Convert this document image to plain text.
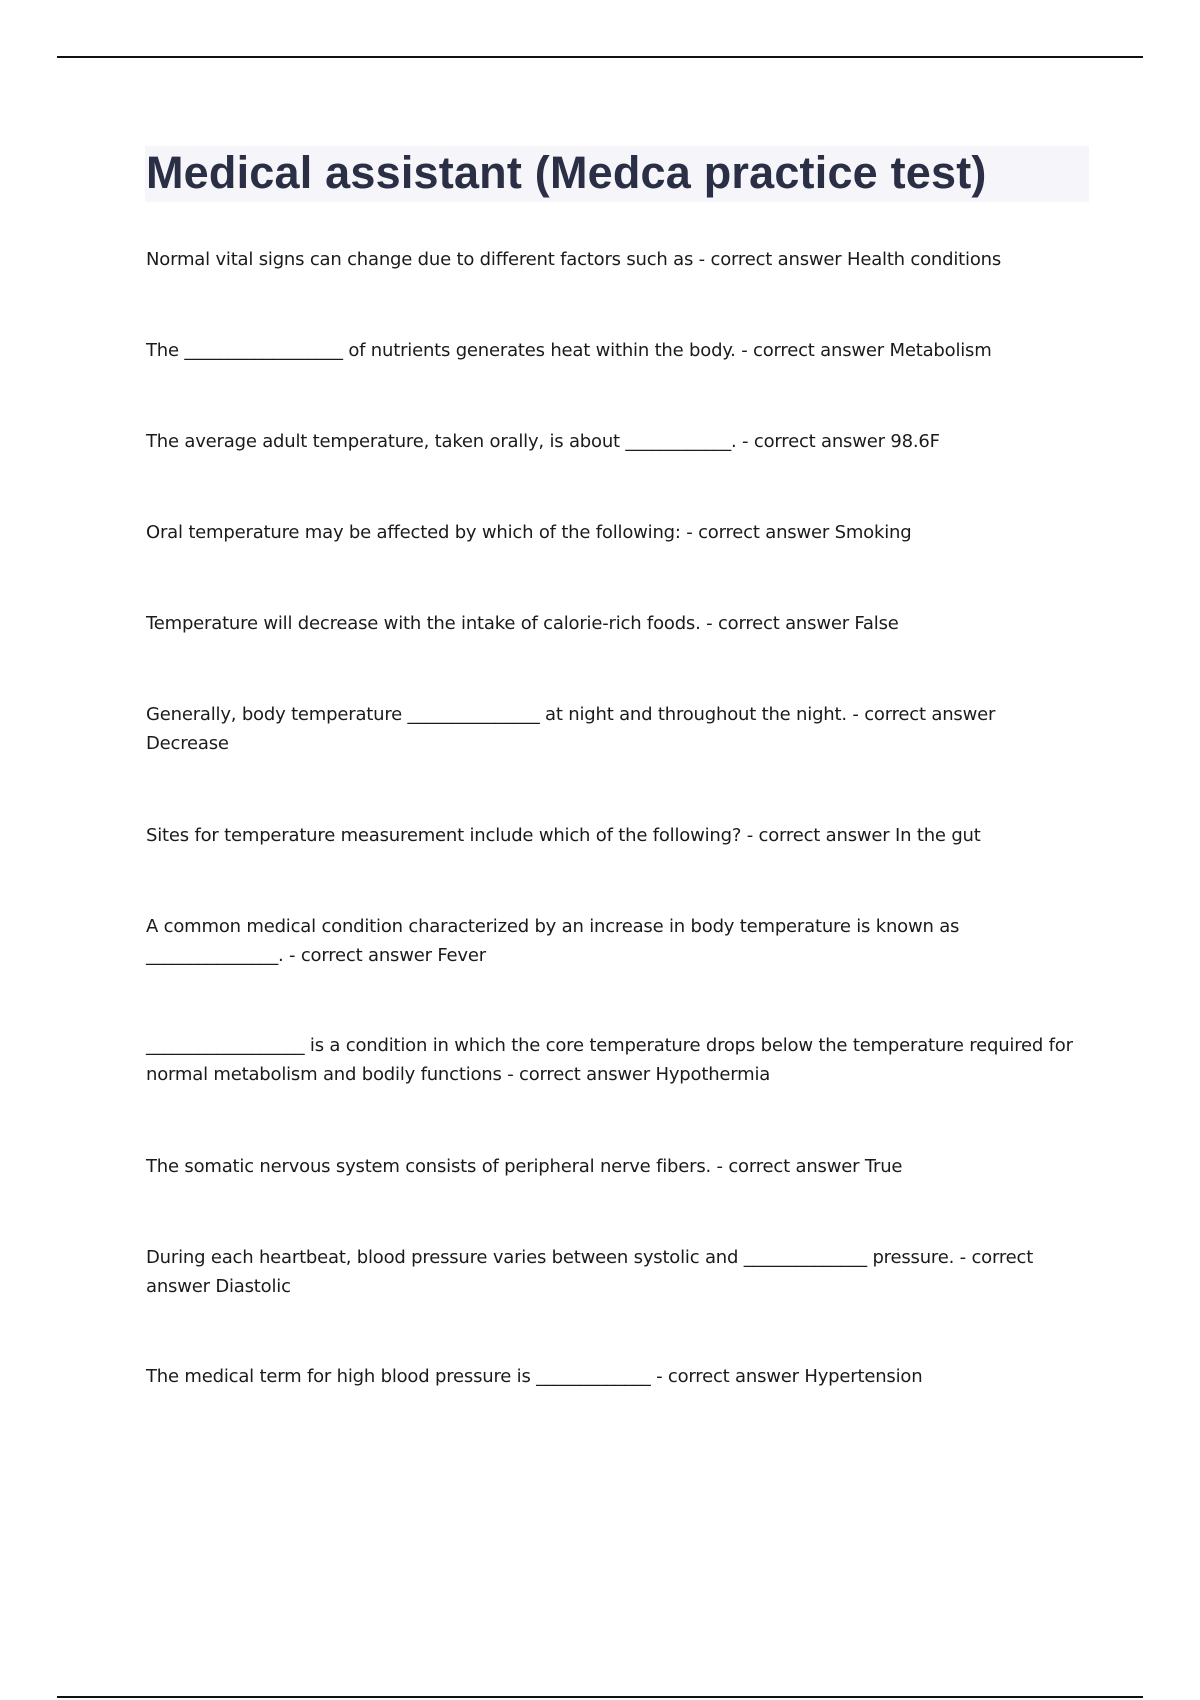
Medical assistant (Medca practice test)

Normal vital signs can change due to different factors such as - correct answer Health conditions

The __________________ of nutrients generates heat within the body. - correct answer Metabolism

The average adult temperature, taken orally, is about ____________. - correct answer 98.6F

Oral temperature may be affected by which of the following: - correct answer Smoking

Temperature will decrease with the intake of calorie-rich foods. - correct answer False

Generally, body temperature _______________ at night and throughout the night. - correct answer Decrease

Sites for temperature measurement include which of the following? - correct answer In the gut

A common medical condition characterized by an increase in body temperature is known as _______________. - correct answer Fever

__________________ is a condition in which the core temperature drops below the temperature required for normal metabolism and bodily functions - correct answer Hypothermia

The somatic nervous system consists of peripheral nerve fibers. - correct answer True

During each heartbeat, blood pressure varies between systolic and ______________ pressure. - correct answer Diastolic

The medical term for high blood pressure is _____________ - correct answer Hypertension
